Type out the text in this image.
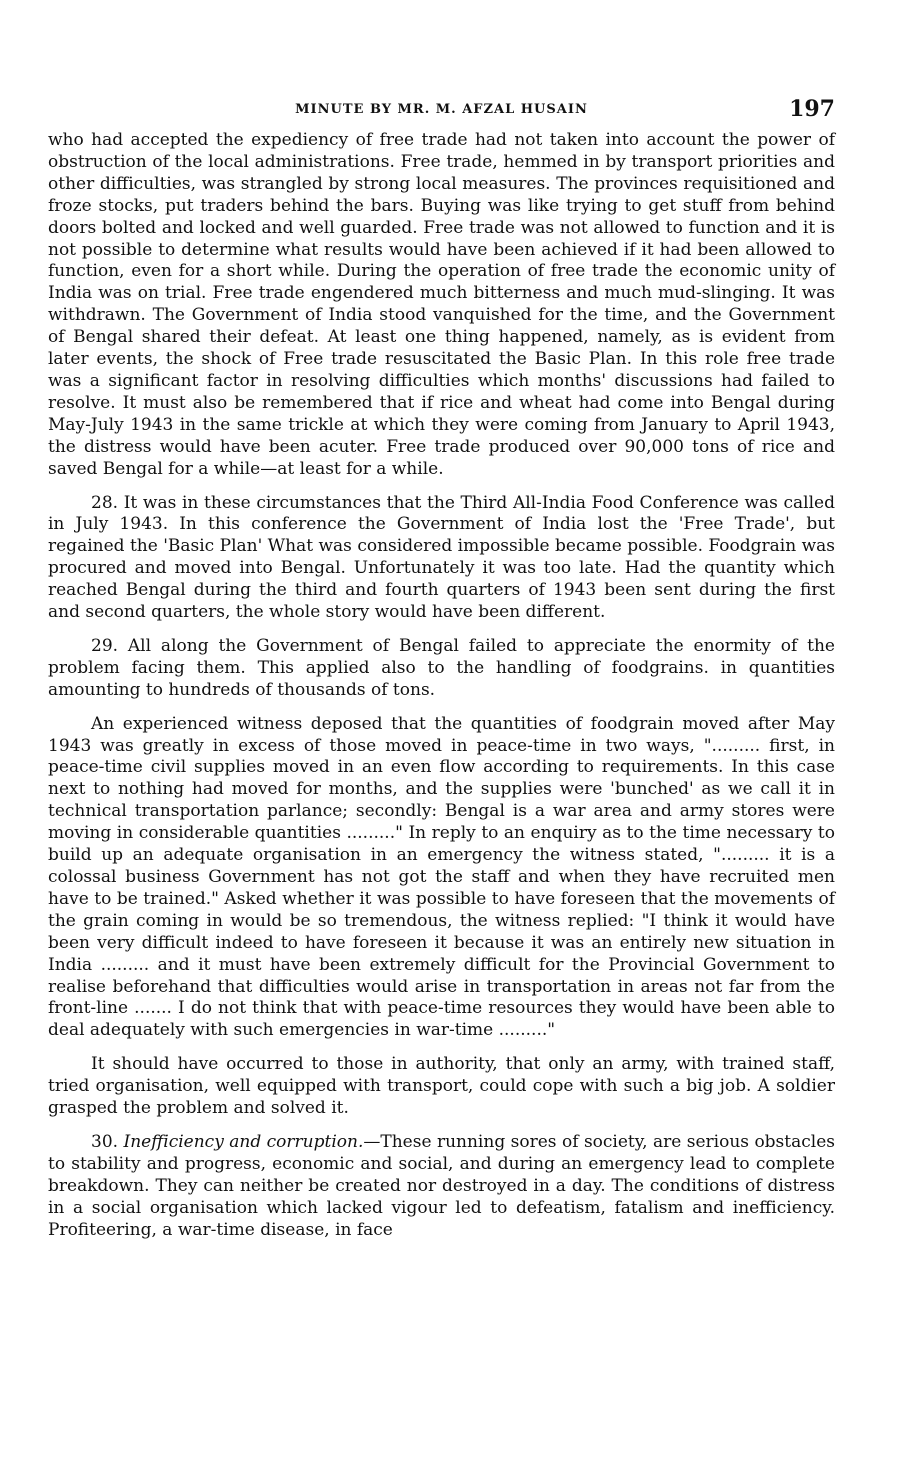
MINUTE BY MR. M. AFZAL HUSAIN	197

who had accepted the expediency of free trade had not taken into account the power of obstruction of the local administrations. Free trade, hemmed in by transport priorities and other difficulties, was strangled by strong local measures. The provinces requisitioned and froze stocks, put traders behind the bars. Buying was like trying to get stuff from behind doors bolted and locked and well guarded. Free trade was not allowed to function and it is not possible to determine what results would have been achieved if it had been allowed to function, even for a short while. During the operation of free trade the economic unity of India was on trial. Free trade engendered much bitterness and much mud-slinging. It was withdrawn. The Government of India stood vanquished for the time, and the Government of Bengal shared their defeat. At least one thing happened, namely, as is evident from later events, the shock of Free trade resuscitated the Basic Plan. In this role free trade was a significant factor in resolving difficulties which months' discussions had failed to resolve. It must also be remembered that if rice and wheat had come into Bengal during May-July 1943 in the same trickle at which they were coming from January to April 1943, the distress would have been acuter. Free trade produced over 90,000 tons of rice and saved Bengal for a while—at least for a while.

28. It was in these circumstances that the Third All-India Food Conference was called in July 1943. In this conference the Government of India lost the 'Free Trade', but regained the 'Basic Plan' What was considered impossible became possible. Foodgrain was procured and moved into Bengal. Unfortunately it was too late. Had the quantity which reached Bengal during the third and fourth quarters of 1943 been sent during the first and second quarters, the whole story would have been different.

29. All along the Government of Bengal failed to appreciate the enormity of the problem facing them. This applied also to the handling of foodgrains. in quantities amounting to hundreds of thousands of tons.

An experienced witness deposed that the quantities of foodgrain moved after May 1943 was greatly in excess of those moved in peace-time in two ways, "......... first, in peace-time civil supplies moved in an even flow according to requirements. In this case next to nothing had moved for months, and the supplies were 'bunched' as we call it in technical transportation parlance; secondly: Bengal is a war area and army stores were moving in considerable quantities ........." In reply to an enquiry as to the time necessary to build up an adequate organisation in an emergency the witness stated, "......... it is a colossal business Government has not got the staff and when they have recruited men have to be trained." Asked whether it was possible to have foreseen that the movements of the grain coming in would be so tremendous, the witness replied: "I think it would have been very difficult indeed to have foreseen it because it was an entirely new situation in India ......... and it must have been extremely difficult for the Provincial Government to realise beforehand that difficulties would arise in transportation in areas not far from the front-line ....... I do not think that with peace-time resources they would have been able to deal adequately with such emergencies in war-time ........."

It should have occurred to those in authority, that only an army, with trained staff, tried organisation, well equipped with transport, could cope with such a big job. A soldier grasped the problem and solved it.

30. Inefficiency and corruption.—These running sores of society, are serious obstacles to stability and progress, economic and social, and during an emergency lead to complete breakdown. They can neither be created nor destroyed in a day. The conditions of distress in a social organisation which lacked vigour led to defeatism, fatalism and inefficiency. Profiteering, a war-time disease, in face
